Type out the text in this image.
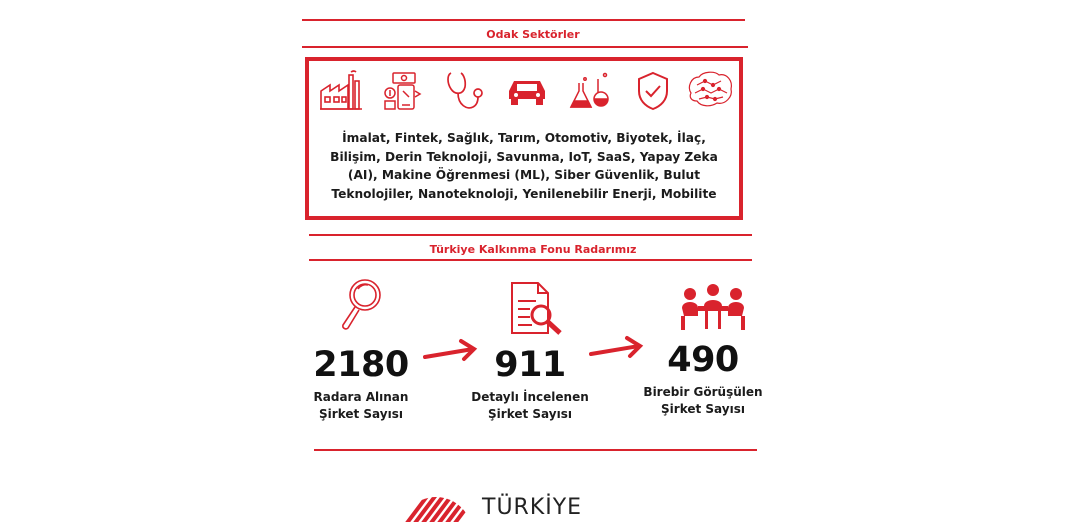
Odak Sektörler
İmalat, Fintek, Sağlık, Tarım, Otomotiv, Biyotek, İlaç, Bilişim, Derin Teknoloji, Savunma, IoT, SaaS, Yapay Zeka (AI), Makine Öğrenmesi (ML), Siber Güvenlik, Bulut Teknolojiler, Nanoteknoloji, Yenilenebilir Enerji, Mobilite
Türkiye Kalkınma Fonu Radarımız
2180
Radara Alınan
Şirket Sayısı
911
Detaylı İncelenen
Şirket Sayısı
490
Birebir Görüşülen
Şirket Sayısı
TÜRKİYE
